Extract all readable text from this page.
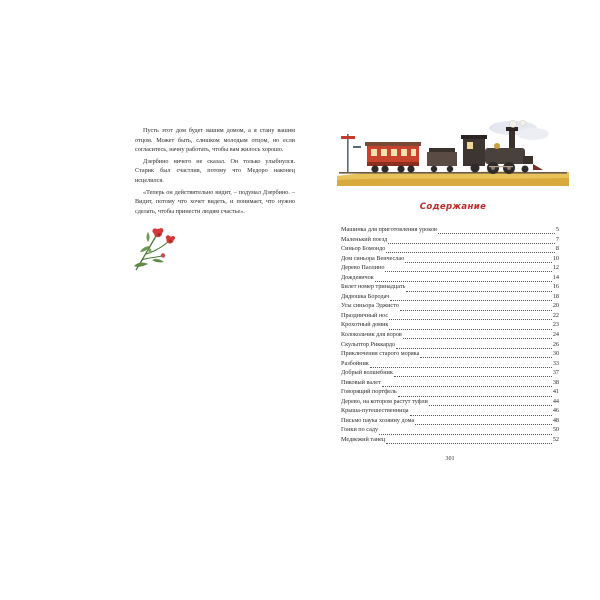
Пусть этот дом будет вашим домом, а я стану вашим отцом. Может быть, слишком молодым отцом, но если согласитесь, начну работать, чтобы вам жилось хорошо.

Дзербино ничего не сказал. Он только улыбнулся. Старик был счастлив, потому что Медоро наконец исцелился.

«Теперь он действительно видит, – подумал Дзербино. – Видит, потому что хочет видеть, и понимает, что нужно сделать, чтобы принести людям счастье».	Содержание
Машинка для приготовления уроков	5
Маленький поезд	7
Синьор Бомондо	8
Дом синьора Венчеслао	10
Дерево Паолино	12
Дождевичок	14
Билет номер тринадцать	16
Дядюшка Бородач	18
Усы синьора Эджисто	20
Праздничный нос	22
Крохотный домик	23
Колокольчик для воров	24
Скульптор Риккардо	26
Приключения старого моряка	30
Разбойник	33
Добрый волшебник	37
Пиковый валет	38
Говорящий портфель	41
Дерево, на котором растут туфли	44
Крыша-путешественница	46
Письмо паука хозяину дома	48
Гонки по саду	50
Медвежий танец	52
301
